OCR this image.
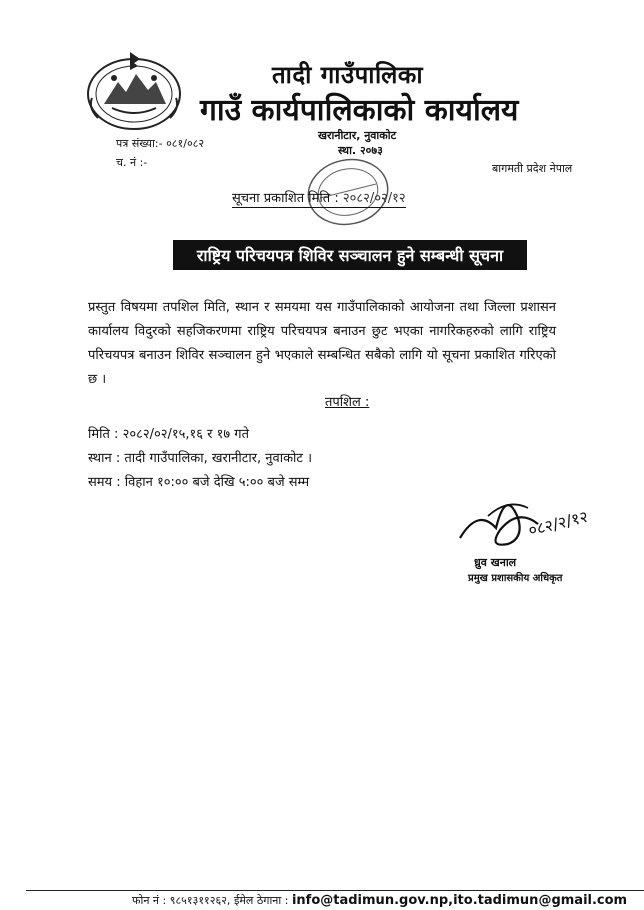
तादी गाउँपालिका
गाउँ कार्यपालिकाको कार्यालय
खरानीटार, नुवाकोट
स्था. २०७३
पत्र संख्या:- ०८१/०८२
च. नं :-	बागमती प्रदेश नेपाल
सूचना प्रकाशित मिति : २०८२/०२/१२
राष्ट्रिय परिचयपत्र शिविर सञ्चालन हुने सम्बन्धी सूचना
प्रस्तुत विषयमा तपशिल मिति, स्थान र समयमा यस गाउँपालिकाको आयोजना तथा जिल्ला प्रशासन कार्यालय विदुरको सहजिकरणमा राष्ट्रिय परिचयपत्र बनाउन छुट भएका नागरिकहरुको लागि राष्ट्रिय परिचयपत्र बनाउन शिविर सञ्चालन हुने भएकाले सम्बन्धित सबैको लागि यो सूचना प्रकाशित गरिएको छ ।
तपशिल :
मिति : २०८२/०२/१५,१६ र १७ गते
स्थान : तादी गाउँपालिका, खरानीटार, नुवाकोट ।
समय : विहान १०:०० बजे देखि ५:०० बजे सम्म
०८२/२/१२
ध्रुव खनाल
प्रमुख प्रशासकीय अधिकृत
फोन नं : ९८५१३११२६२, ईमेल ठेगाना : info@tadimun.gov.np,ito.tadimun@gmail.com
